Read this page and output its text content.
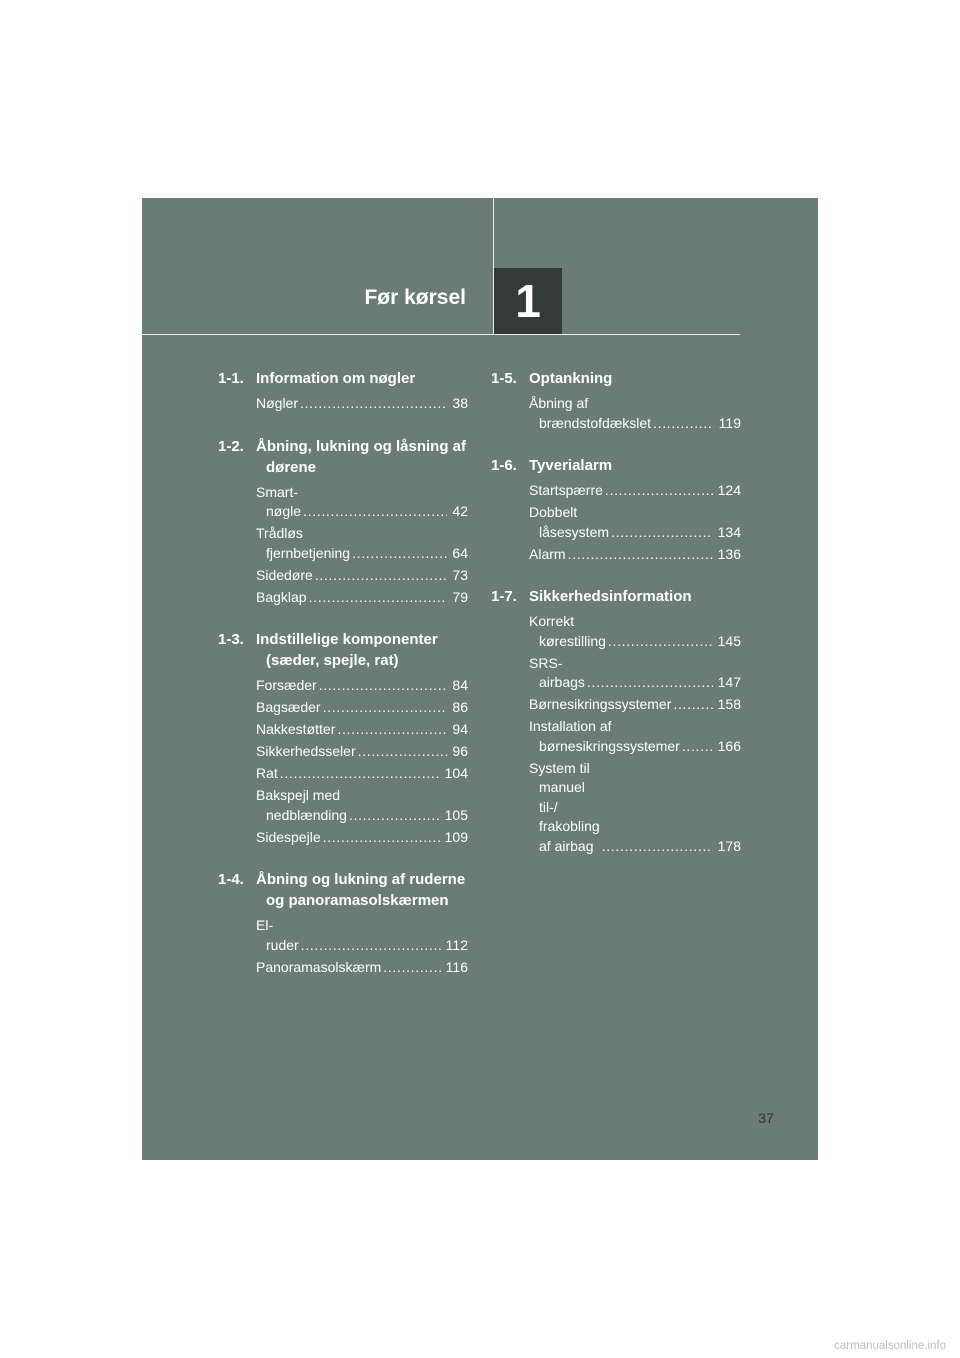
Før kørsel	1
1-1. Information om nøgler
Nøgler . . .	38
1-2. Åbning, lukning og låsning af dørene
Smart-nøgle . . .	42
Trådløs fjernbetjening . . .	64
Sidedøre . . .	73
Bagklap . . .	79
1-3. Indstillelige komponenter (sæder, spejle, rat)
Forsæder . . .	84
Bagsæder . . .	86
Nakkestøtter . . .	94
Sikkerhedsseler . . .	96
Rat . . .	104
Bakspejl med nedblænding . . .	105
Sidespejle . . .	109
1-4. Åbning og lukning af ruderne og panoramasolskærmen
El-ruder . . .	112
Panoramasolskærm . . .	116
1-5. Optankning
Åbning af brændstofdækslet . . .	119
1-6. Tyverialarm
Startspærre . . .	124
Dobbelt låsesystem . . .	134
Alarm . . .	136
1-7. Sikkerhedsinformation
Korrekt kørestilling . . .	145
SRS-airbags . . .	147
Børnesikringssystemer . . .	158
Installation af børnesikringssystemer . . .	166
System til manuel til-/ frakobling af airbag . . .	178
37
carmanualsonline.info
